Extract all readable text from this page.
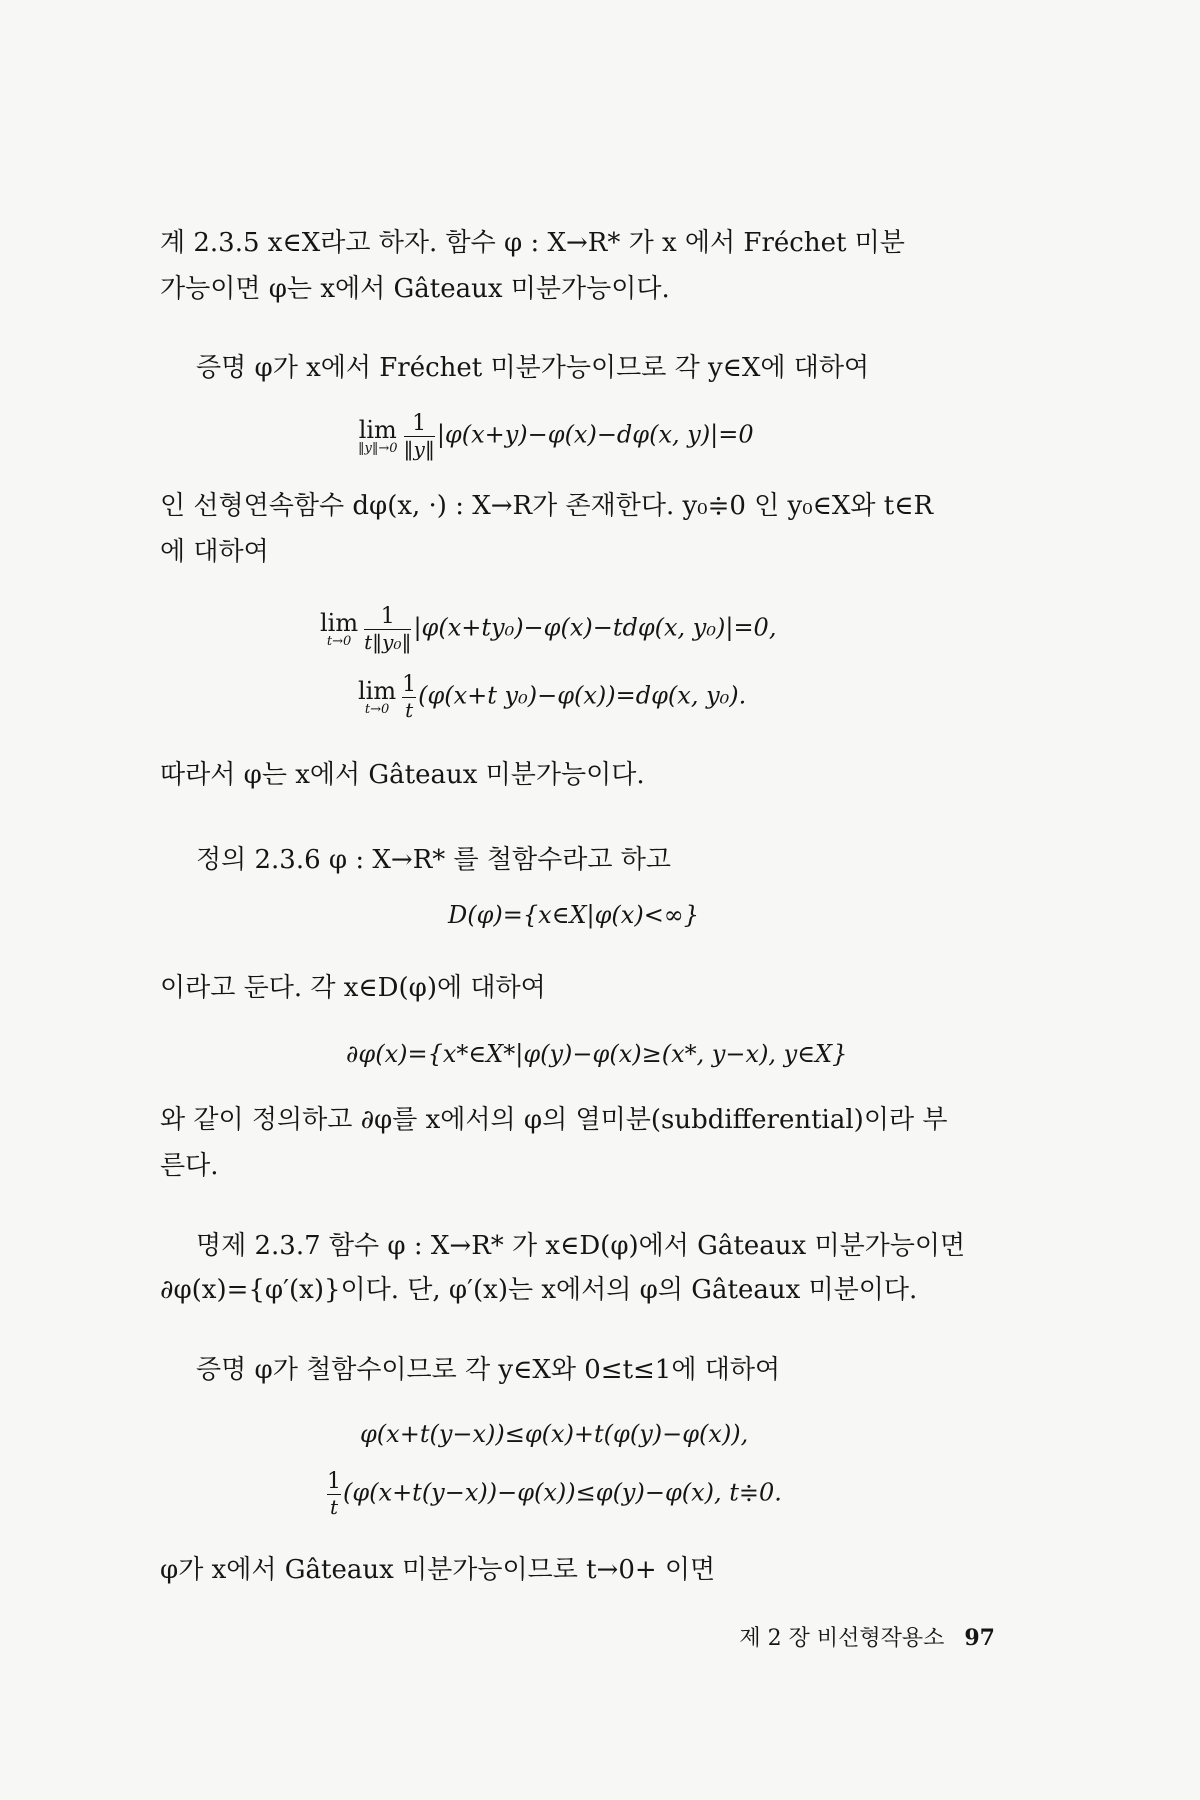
계 2.3.5 x∈X라고 하자. 함수 φ : X→R* 가 x 에서 Fréchet 미분
가능이면 φ는 x에서 Gâteaux 미분가능이다.
증명 φ가 x에서 Fréchet 미분가능이므로 각 y∈X에 대하여
lim
‖y‖→0 $\frac{1}{‖y‖} |\varphi(x+y)-\varphi(x)-d\varphi(x$, y)|=0
인 선형연속함수 dφ(x, ·) : X→R가 존재한다. y₀≑0 인 y₀∈X와 t∈R
에 대하여
lim
$t\to 0 \frac{1}{\text{t‖y₀‖}} |\varphi(x+ty_0)-\varphi(x)-td\varphi(x$, y₀)|=0,
lim
$t\to 0 \frac{1}{t} (\varphi(x+t$ y₀)−φ(x))=dφ(x, y₀).
따라서 φ는 x에서 Gâteaux 미분가능이다.
정의 2.3.6 φ : X→R* 를 철함수라고 하고
D(φ)={x∈X|φ(x)<∞}
이라고 둔다. 각 x∈D(φ)에 대하여
∂φ(x)={x*∈X*|φ(y)−φ(x)≥(x*, y−x), y∈X}
와 같이 정의하고 ∂φ를 x에서의 φ의 열미분(subdifferential)이라 부
른다.
명제 2.3.7 함수 φ : X→R* 가 x∈D(φ)에서 Gâteaux 미분가능이면
∂φ(x)={φ′(x)}이다. 단, φ′(x)는 x에서의 φ의 Gâteaux 미분이다.
증명 φ가 철함수이므로 각 y∈X와 0≤t≤1에 대하여
φ(x+t(y−x))≤φ(x)+t(φ(y)−φ(x)),
$\frac{1}{t} (\varphi(x+t(y-x))-\varphi(x))\le\varphi(y)-\varphi(x)$, t≑0.
φ가 x에서 Gâteaux 미분가능이므로 t→0+ 이면
제 2 장 비선형작용소 97
